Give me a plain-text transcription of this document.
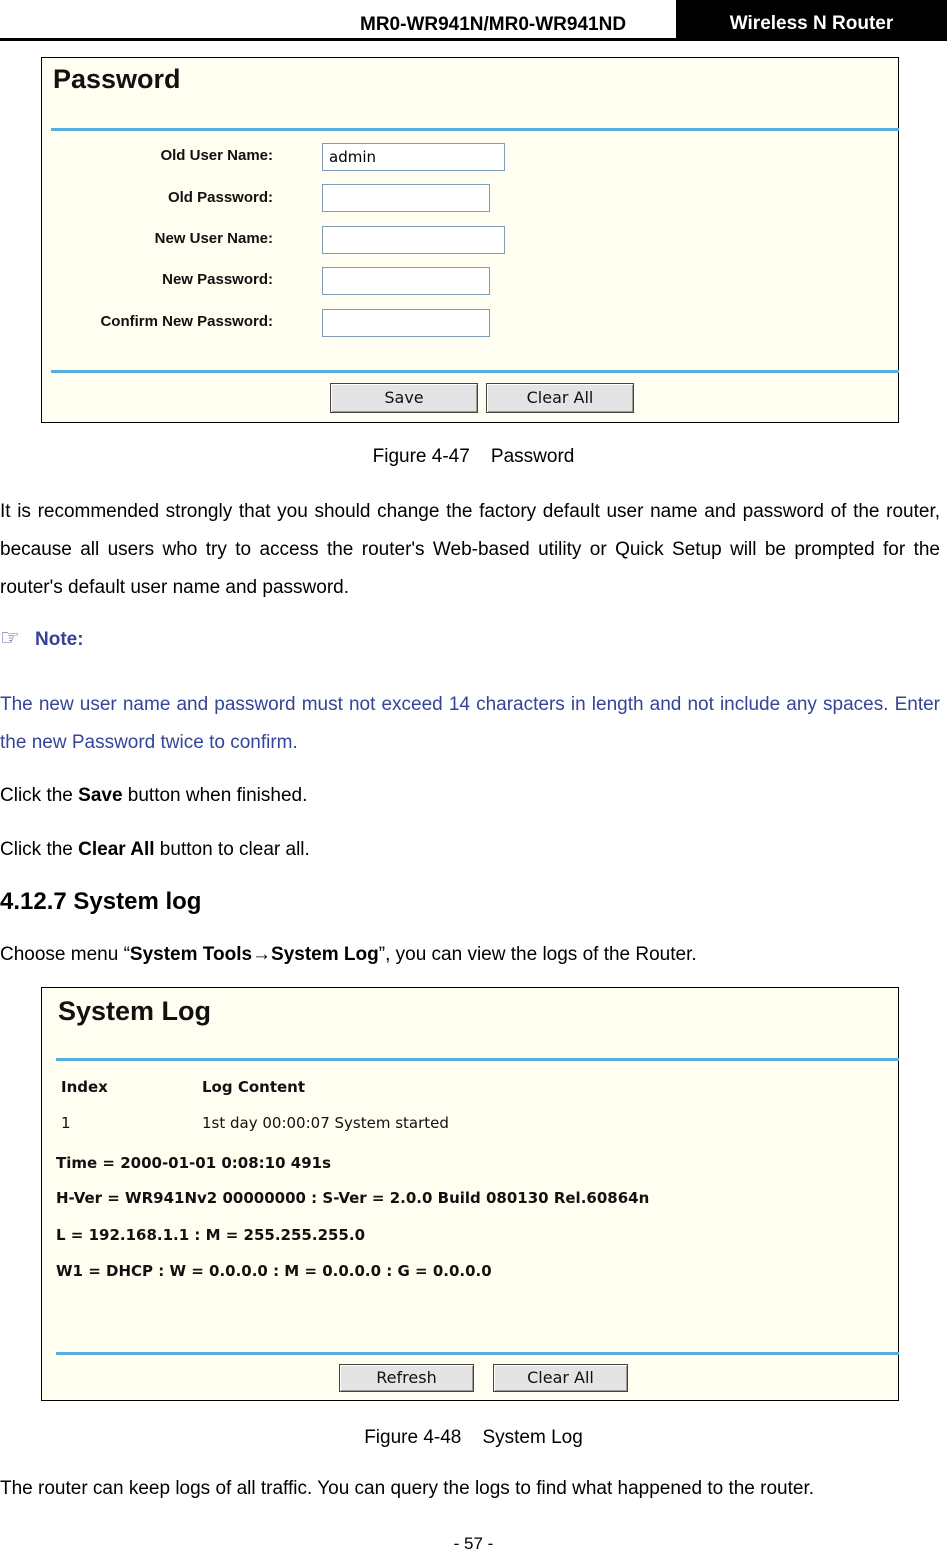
MR0-WR941N/MR0-WR941ND	Wireless N Router
Password
Old User Name:
admin
Old Password:
New User Name:
New Password:
Confirm New Password:
Save	Clear All
Figure 4-47    Password
It is recommended strongly that you should change the factory default user name and password of the router, because all users who try to access the router's Web-based utility or Quick Setup will be prompted for the router's default user name and password.
☞ Note:
The new user name and password must not exceed 14 characters in length and not include any spaces. Enter the new Password twice to confirm.
Click the Save button when finished.
Click the Clear All button to clear all.
4.12.7 System log
Choose menu “System Tools→System Log”, you can view the logs of the Router.
System Log
Index	Log Content
1	1st day 00:00:07 System started
Time = 2000-01-01 0:08:10 491s
H-Ver = WR941Nv2 00000000 : S-Ver = 2.0.0 Build 080130 Rel.60864n
L = 192.168.1.1 : M = 255.255.255.0
W1 = DHCP : W = 0.0.0.0 : M = 0.0.0.0 : G = 0.0.0.0
Refresh	Clear All
Figure 4-48    System Log
The router can keep logs of all traffic. You can query the logs to find what happened to the router.
- 57 -
